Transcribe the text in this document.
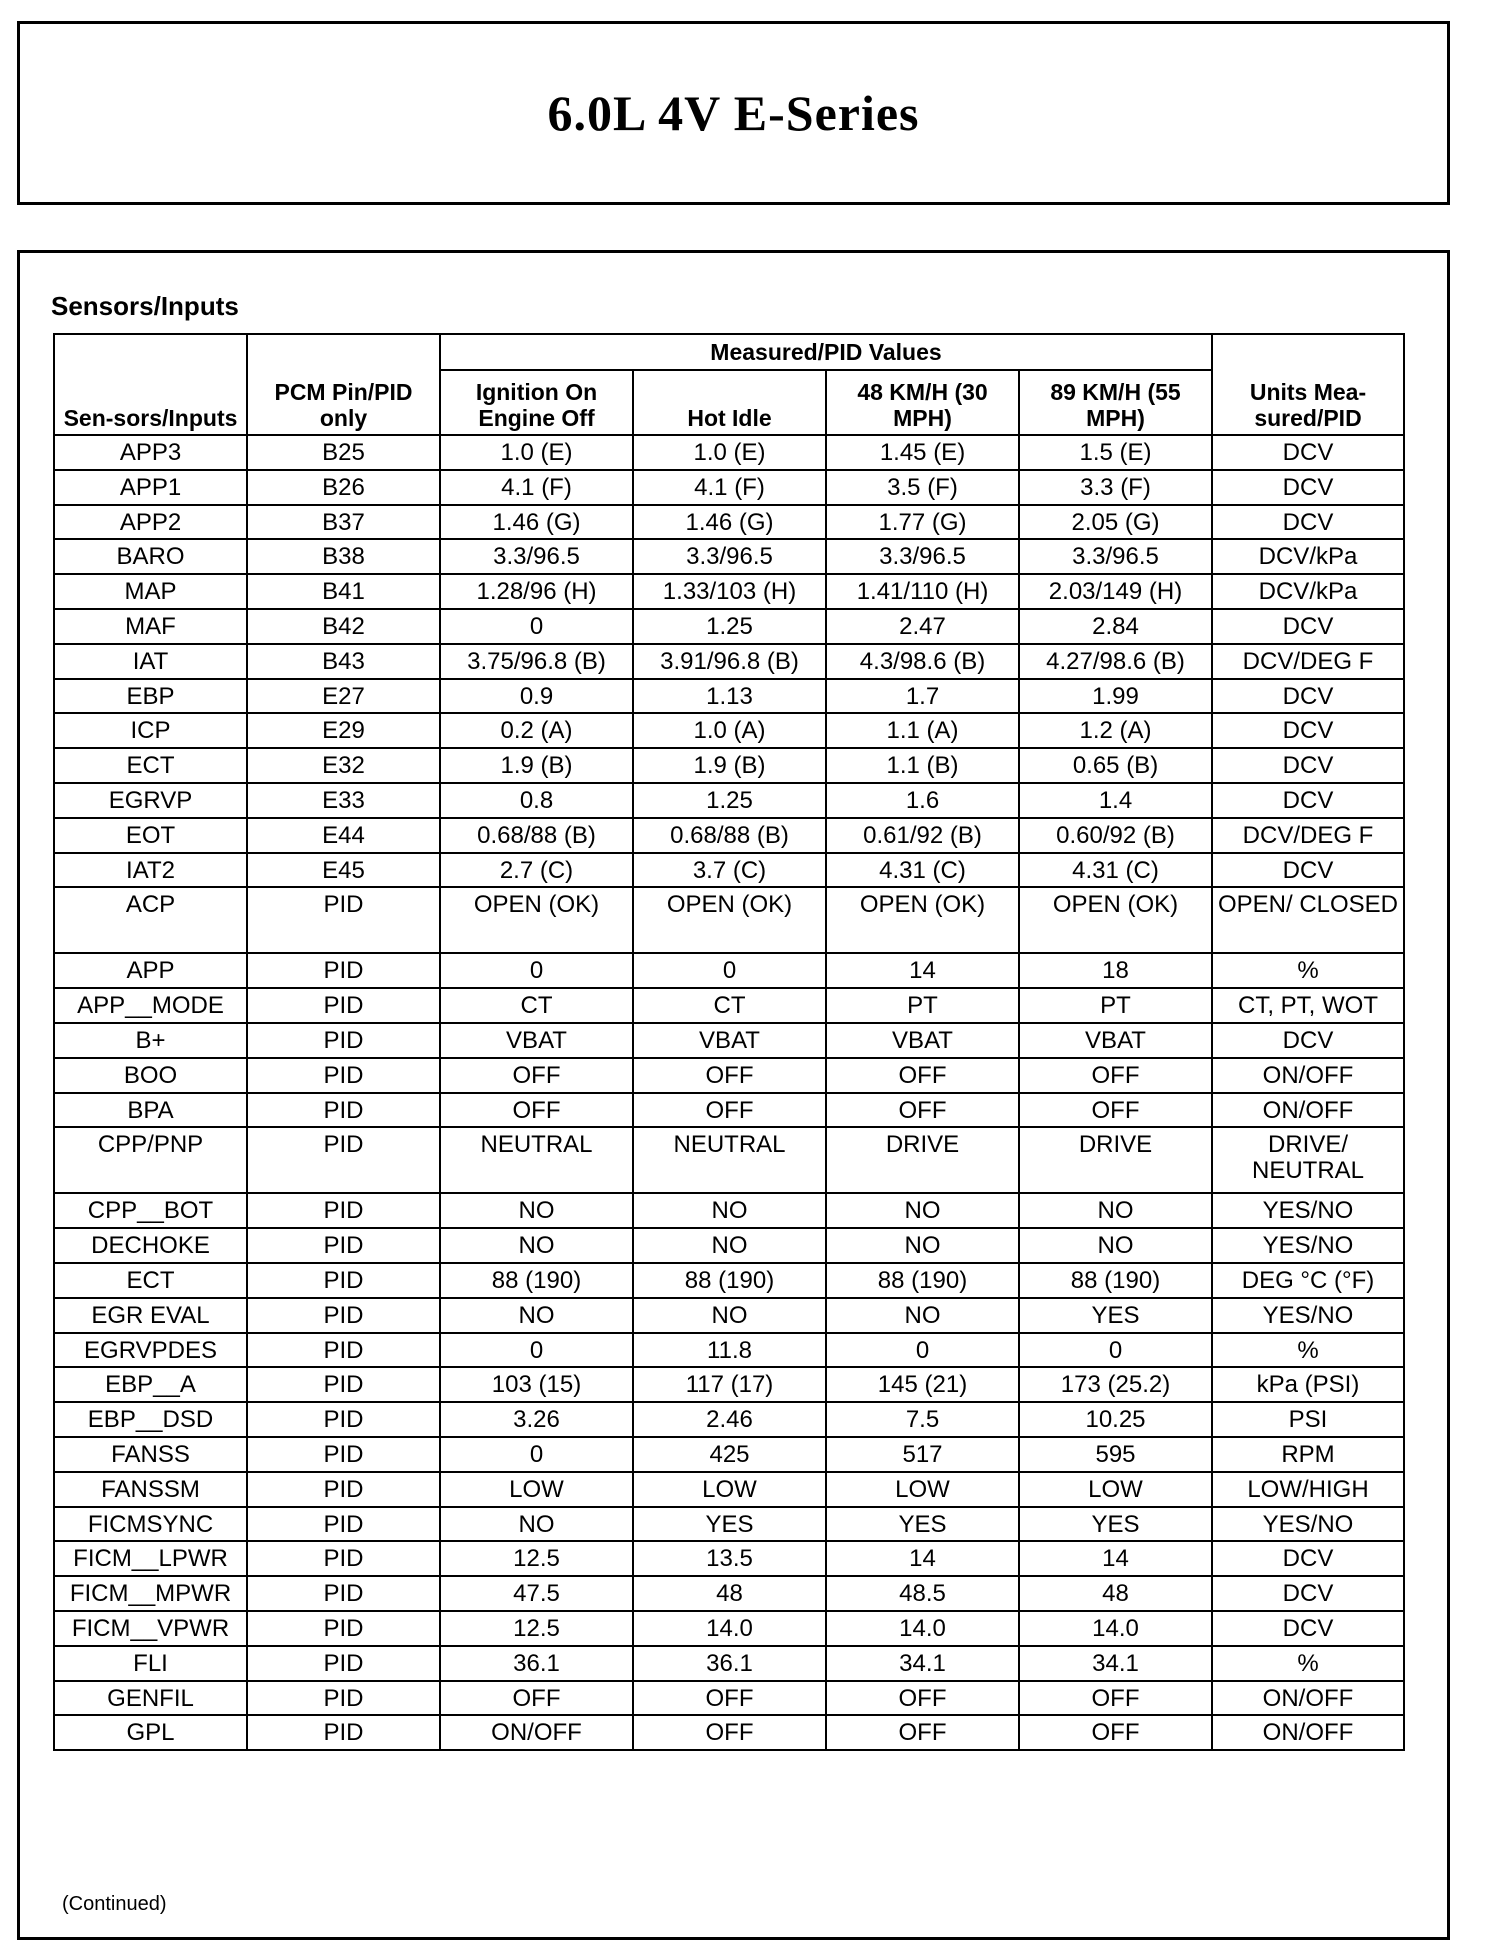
6.0L 4V E-Series
Sensors/Inputs
Sen-sors/Inputs	PCM Pin/PID only	Measured/PID Values				Units Mea-sured/PID
		Ignition On Engine Off	Hot Idle	48 KM/H (30 MPH)	89 KM/H (55 MPH)	
APP3	B25	1.0 (E)	1.0 (E)	1.45 (E)	1.5 (E)	DCV
APP1	B26	4.1 (F)	4.1 (F)	3.5 (F)	3.3 (F)	DCV
APP2	B37	1.46 (G)	1.46 (G)	1.77 (G)	2.05 (G)	DCV
BARO	B38	3.3/96.5	3.3/96.5	3.3/96.5	3.3/96.5	DCV/kPa
MAP	B41	1.28/96 (H)	1.33/103 (H)	1.41/110 (H)	2.03/149 (H)	DCV/kPa
MAF	B42	0	1.25	2.47	2.84	DCV
IAT	B43	3.75/96.8 (B)	3.91/96.8 (B)	4.3/98.6 (B)	4.27/98.6 (B)	DCV/DEG F
EBP	E27	0.9	1.13	1.7	1.99	DCV
ICP	E29	0.2 (A)	1.0 (A)	1.1 (A)	1.2 (A)	DCV
ECT	E32	1.9 (B)	1.9 (B)	1.1 (B)	0.65 (B)	DCV
EGRVP	E33	0.8	1.25	1.6	1.4	DCV
EOT	E44	0.68/88 (B)	0.68/88 (B)	0.61/92 (B)	0.60/92 (B)	DCV/DEG F
IAT2	E45	2.7 (C)	3.7 (C)	4.31 (C)	4.31 (C)	DCV
ACP	PID	OPEN (OK)	OPEN (OK)	OPEN (OK)	OPEN (OK)	OPEN/ CLOSED
APP	PID	0	0	14	18	%
APP__MODE	PID	CT	CT	PT	PT	CT, PT, WOT
B+	PID	VBAT	VBAT	VBAT	VBAT	DCV
BOO	PID	OFF	OFF	OFF	OFF	ON/OFF
BPA	PID	OFF	OFF	OFF	OFF	ON/OFF
CPP/PNP	PID	NEUTRAL	NEUTRAL	DRIVE	DRIVE	DRIVE/ NEUTRAL
CPP__BOT	PID	NO	NO	NO	NO	YES/NO
DECHOKE	PID	NO	NO	NO	NO	YES/NO
ECT	PID	88 (190)	88 (190)	88 (190)	88 (190)	DEG °C (°F)
EGR EVAL	PID	NO	NO	NO	YES	YES/NO
EGRVPDES	PID	0	11.8	0	0	%
EBP__A	PID	103 (15)	117 (17)	145 (21)	173 (25.2)	kPa (PSI)
EBP__DSD	PID	3.26	2.46	7.5	10.25	PSI
FANSS	PID	0	425	517	595	RPM
FANSSM	PID	LOW	LOW	LOW	LOW	LOW/HIGH
FICMSYNC	PID	NO	YES	YES	YES	YES/NO
FICM__LPWR	PID	12.5	13.5	14	14	DCV
FICM__MPWR	PID	47.5	48	48.5	48	DCV
FICM__VPWR	PID	12.5	14.0	14.0	14.0	DCV
FLI	PID	36.1	36.1	34.1	34.1	%
GENFIL	PID	OFF	OFF	OFF	OFF	ON/OFF
GPL	PID	ON/OFF	OFF	OFF	OFF	ON/OFF
(Continued)
